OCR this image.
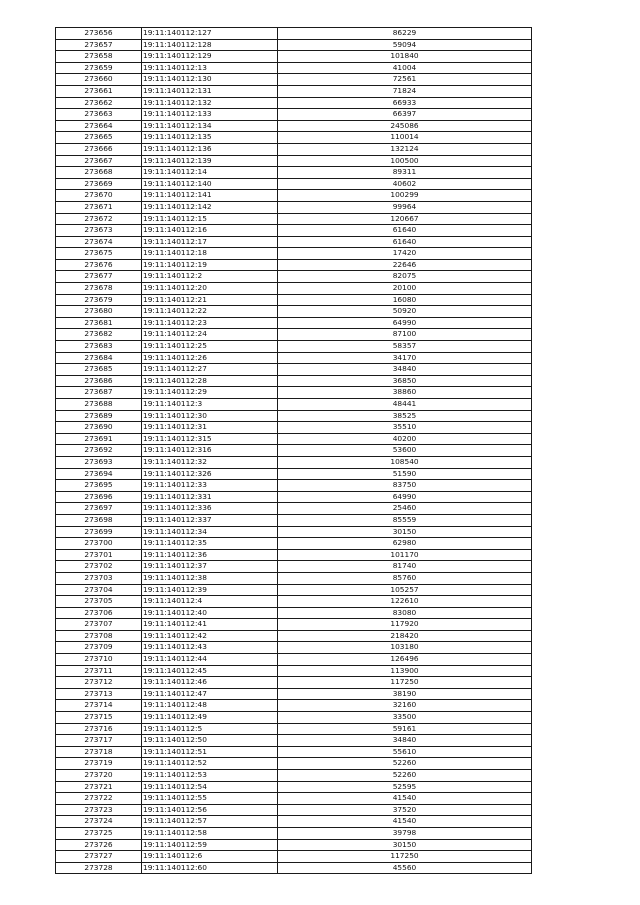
273656	19:11:140112:127	86229
273657	19:11:140112:128	59094
273658	19:11:140112:129	101840
273659	19:11:140112:13	41004
273660	19:11:140112:130	72561
273661	19:11:140112:131	71824
273662	19:11:140112:132	66933
273663	19:11:140112:133	66397
273664	19:11:140112:134	245086
273665	19:11:140112:135	110014
273666	19:11:140112:136	132124
273667	19:11:140112:139	100500
273668	19:11:140112:14	89311
273669	19:11:140112:140	40602
273670	19:11:140112:141	100299
273671	19:11:140112:142	99964
273672	19:11:140112:15	120667
273673	19:11:140112:16	61640
273674	19:11:140112:17	61640
273675	19:11:140112:18	17420
273676	19:11:140112:19	22646
273677	19:11:140112:2	82075
273678	19:11:140112:20	20100
273679	19:11:140112:21	16080
273680	19:11:140112:22	50920
273681	19:11:140112:23	64990
273682	19:11:140112:24	87100
273683	19:11:140112:25	58357
273684	19:11:140112:26	34170
273685	19:11:140112:27	34840
273686	19:11:140112:28	36850
273687	19:11:140112:29	38860
273688	19:11:140112:3	48441
273689	19:11:140112:30	38525
273690	19:11:140112:31	35510
273691	19:11:140112:315	40200
273692	19:11:140112:316	53600
273693	19:11:140112:32	108540
273694	19:11:140112:326	51590
273695	19:11:140112:33	83750
273696	19:11:140112:331	64990
273697	19:11:140112:336	25460
273698	19:11:140112:337	85559
273699	19:11:140112:34	30150
273700	19:11:140112:35	62980
273701	19:11:140112:36	101170
273702	19:11:140112:37	81740
273703	19:11:140112:38	85760
273704	19:11:140112:39	105257
273705	19:11:140112:4	122610
273706	19:11:140112:40	83080
273707	19:11:140112:41	117920
273708	19:11:140112:42	218420
273709	19:11:140112:43	103180
273710	19:11:140112:44	126496
273711	19:11:140112:45	113900
273712	19:11:140112:46	117250
273713	19:11:140112:47	38190
273714	19:11:140112:48	32160
273715	19:11:140112:49	33500
273716	19:11:140112:5	59161
273717	19:11:140112:50	34840
273718	19:11:140112:51	55610
273719	19:11:140112:52	52260
273720	19:11:140112:53	52260
273721	19:11:140112:54	52595
273722	19:11:140112:55	41540
273723	19:11:140112:56	37520
273724	19:11:140112:57	41540
273725	19:11:140112:58	39798
273726	19:11:140112:59	30150
273727	19:11:140112:6	117250
273728	19:11:140112:60	45560
